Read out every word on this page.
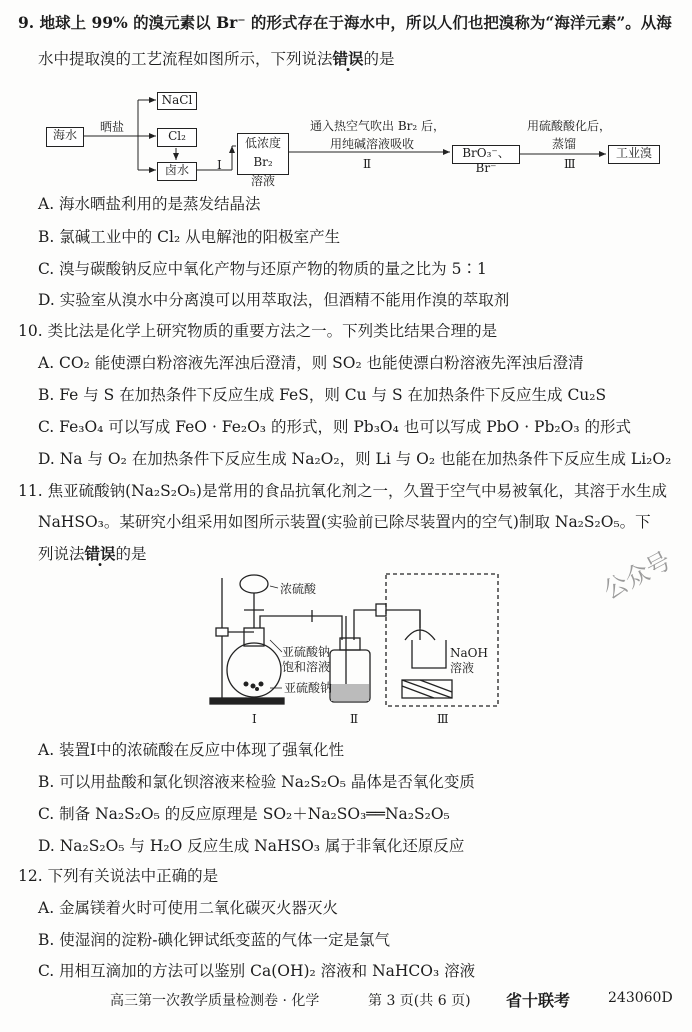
9. 地球上 99% 的溴元素以 Br⁻ 的形式存在于海水中，所以人们也把溴称为“海洋元素”。从海
水中提取溴的工艺流程如图所示，下列说法错误的是
海水
晒盐
NaCl
Cl₂
卤水	Ⅰ
低浓度 Br₂
溶液
通入热空气吹出 Br₂ 后，
用纯碱溶液吸收
Ⅱ
BrO₃⁻、Br⁻
用硫酸酸化后，
蒸馏
Ⅲ
工业溴
A. 海水晒盐利用的是蒸发结晶法
B. 氯碱工业中的 Cl₂ 从电解池的阳极室产生
C. 溴与碳酸钠反应中氧化产物与还原产物的物质的量之比为 5∶1
D. 实验室从溴水中分离溴可以用萃取法，但酒精不能用作溴的萃取剂
10. 类比法是化学上研究物质的重要方法之一。下列类比结果合理的是
A. CO₂ 能使漂白粉溶液先浑浊后澄清，则 SO₂ 也能使漂白粉溶液先浑浊后澄清
B. Fe 与 S 在加热条件下反应生成 FeS，则 Cu 与 S 在加热条件下反应生成 Cu₂S
C. Fe₃O₄ 可以写成 FeO · Fe₂O₃ 的形式，则 Pb₃O₄ 也可以写成 PbO · Pb₂O₃ 的形式
D. Na 与 O₂ 在加热条件下反应生成 Na₂O₂，则 Li 与 O₂ 也能在加热条件下反应生成 Li₂O₂
11. 焦亚硫酸钠(Na₂S₂O₅)是常用的食品抗氧化剂之一，久置于空气中易被氧化，其溶于水生成
NaHSO₃。某研究小组采用如图所示装置(实验前已除尽装置内的空气)制取 Na₂S₂O₅。下
列说法错误的是
浓硫酸
亚硫酸钠
饱和溶液
亚硫酸钠
NaOH
溶液
Ⅰ	Ⅱ	Ⅲ
A. 装置Ⅰ中的浓硫酸在反应中体现了强氧化性
B. 可以用盐酸和氯化钡溶液来检验 Na₂S₂O₅ 晶体是否氧化变质
C. 制备 Na₂S₂O₅ 的反应原理是 SO₂＋Na₂SO₃══Na₂S₂O₅
D. Na₂S₂O₅ 与 H₂O 反应生成 NaHSO₃ 属于非氧化还原反应
12. 下列有关说法中正确的是
A. 金属镁着火时可使用二氧化碳灭火器灭火
B. 使湿润的淀粉-碘化钾试纸变蓝的气体一定是氯气
C. 用相互滴加的方法可以鉴别 Ca(OH)₂ 溶液和 NaHCO₃ 溶液
高三第一次教学质量检测卷 · 化学	第 3 页(共 6 页) 省十联考	243060D
公众号
